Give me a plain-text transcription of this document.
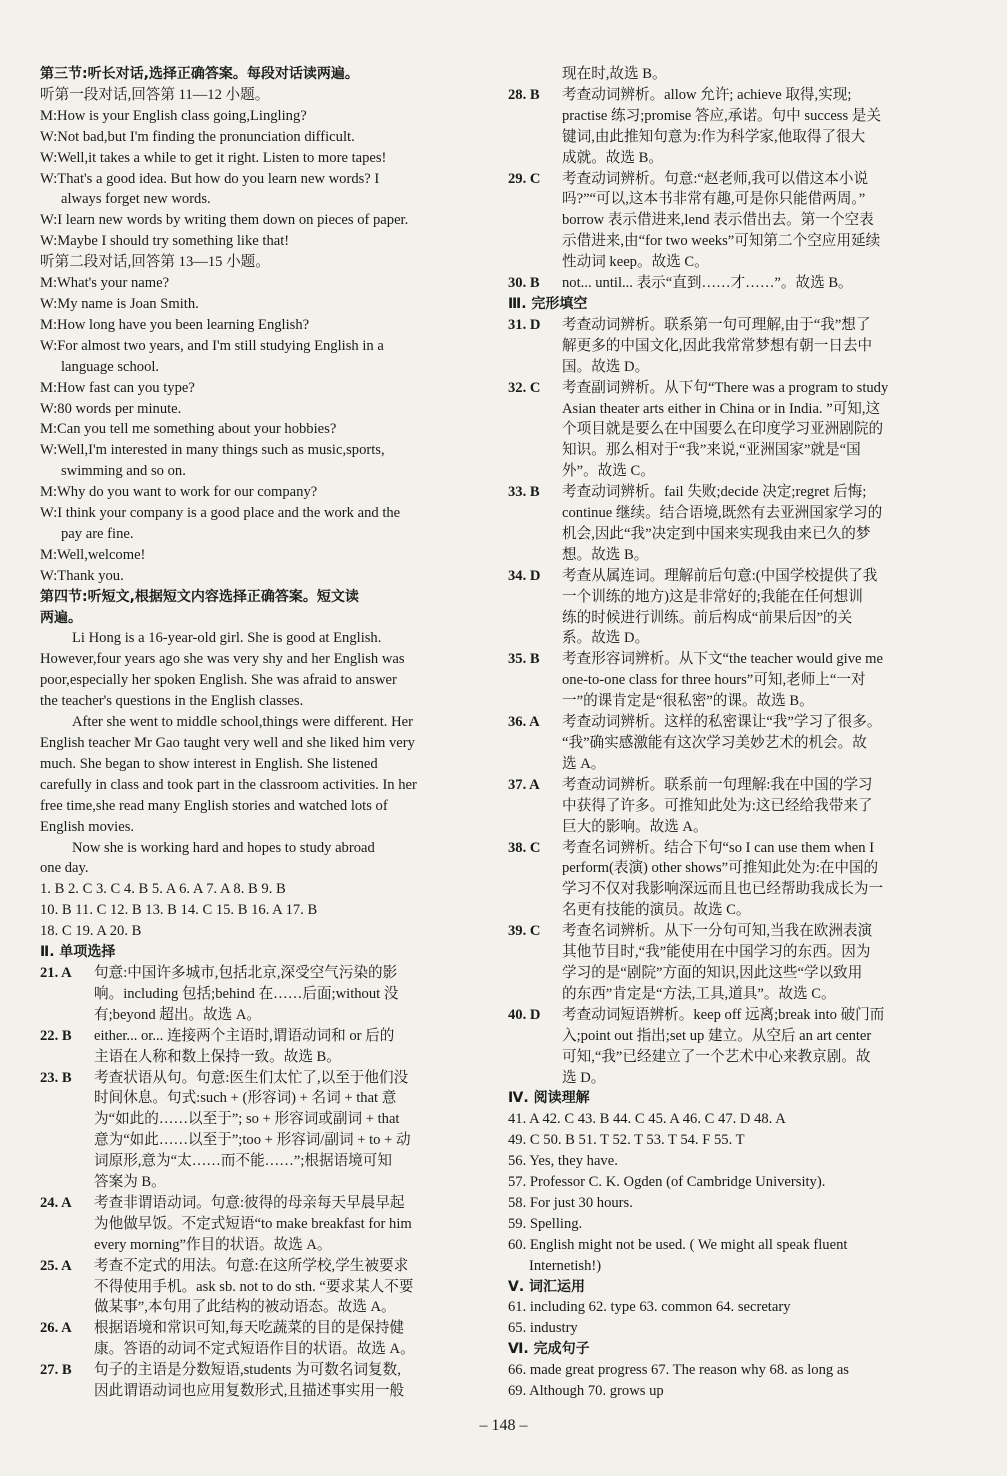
第三节:听长对话,选择正确答案。每段对话读两遍。
听第一段对话,回答第 11—12 小题。
M:How is your English class going,Lingling?
W:Not bad,but I'm finding the pronunciation difficult.
W:Well,it takes a while to get it right. Listen to more tapes!
W:That's a good idea. But how do you learn new words? I
always forget new words.
W:I learn new words by writing them down on pieces of paper.
W:Maybe I should try something like that!
听第二段对话,回答第 13—15 小题。
M:What's your name?
W:My name is Joan Smith.
M:How long have you been learning English?
W:For almost two years, and I'm still studying English in a
language school.
M:How fast can you type?
W:80 words per minute.
M:Can you tell me something about your hobbies?
W:Well,I'm interested in many things such as music,sports,
swimming and so on.
M:Why do you want to work for our company?
W:I think your company is a good place and the work and the
pay are fine.
M:Well,welcome!
W:Thank you.
第四节:听短文,根据短文内容选择正确答案。短文读
两遍。
Li Hong is a 16-year-old girl. She is good at English.
However,four years ago she was very shy and her English was
poor,especially her spoken English. She was afraid to answer
the teacher's questions in the English classes.
After she went to middle school,things were different. Her
English teacher Mr Gao taught very well and she liked him very
much. She began to show interest in English. She listened
carefully in class and took part in the classroom activities. In her
free time,she read many English stories and watched lots of
English movies.
Now she is working hard and hopes to study abroad
one day.
1. B 2. C 3. C 4. B 5. A 6. A 7. A 8. B 9. B
10. B 11. C 12. B 13. B 14. C 15. B 16. A 17. B
18. C 19. A 20. B
Ⅱ. 单项选择
21. A	句意:中国许多城市,包括北京,深受空气污染的影
响。including 包括;behind 在……后面;without 没
有;beyond 超出。故选 A。
22. B	either... or... 连接两个主语时,谓语动词和 or 后的
主语在人称和数上保持一致。故选 B。
23. B	考查状语从句。句意:医生们太忙了,以至于他们没
时间休息。句式:such + (形容词) + 名词 + that 意
为“如此的……以至于”; so + 形容词或副词 + that
意为“如此……以至于”;too + 形容词/副词 + to + 动
词原形,意为“太……而不能……”;根据语境可知
答案为 B。
24. A	考查非谓语动词。句意:彼得的母亲每天早晨早起
为他做早饭。不定式短语“to make breakfast for him
every morning”作目的状语。故选 A。
25. A	考查不定式的用法。句意:在这所学校,学生被要求
不得使用手机。ask sb. not to do sth. “要求某人不要
做某事”,本句用了此结构的被动语态。故选 A。
26. A	根据语境和常识可知,每天吃蔬菜的目的是保持健
康。答语的动词不定式短语作目的状语。故选 A。
27. B	句子的主语是分数短语,students 为可数名词复数,
因此谓语动词也应用复数形式,且描述事实用一般
现在时,故选 B。
28. B	考查动词辨析。allow 允许; achieve 取得,实现;
practise 练习;promise 答应,承诺。句中 success 是关
键词,由此推知句意为:作为科学家,他取得了很大
成就。故选 B。
29. C	考查动词辨析。句意:“赵老师,我可以借这本小说
吗?”“可以,这本书非常有趣,可是你只能借两周。”
borrow 表示借进来,lend 表示借出去。第一个空表
示借进来,由“for two weeks”可知第二个空应用延续
性动词 keep。故选 C。
30. B	not... until... 表示“直到……才……”。故选 B。
Ⅲ. 完形填空
31. D	考查动词辨析。联系第一句可理解,由于“我”想了
解更多的中国文化,因此我常常梦想有朝一日去中
国。故选 D。
32. C	考查副词辨析。从下句“There was a program to study
Asian theater arts either in China or in India. ”可知,这
个项目就是要么在中国要么在印度学习亚洲剧院的
知识。那么相对于“我”来说,“亚洲国家”就是“国
外”。故选 C。
33. B	考查动词辨析。fail 失败;decide 决定;regret 后悔;
continue 继续。结合语境,既然有去亚洲国家学习的
机会,因此“我”决定到中国来实现我由来已久的梦
想。故选 B。
34. D	考查从属连词。理解前后句意:(中国学校提供了我
一个训练的地方)这是非常好的;我能在任何想训
练的时候进行训练。前后构成“前果后因”的关
系。故选 D。
35. B	考查形容词辨析。从下文“the teacher would give me
one-to-one class for three hours”可知,老师上“一对
一”的课肯定是“很私密”的课。故选 B。
36. A	考查动词辨析。这样的私密课让“我”学习了很多。
“我”确实感激能有这次学习美妙艺术的机会。故
选 A。
37. A	考查动词辨析。联系前一句理解:我在中国的学习
中获得了许多。可推知此处为:这已经给我带来了
巨大的影响。故选 A。
38. C	考查名词辨析。结合下句“so I can use them when I
perform(表演) other shows”可推知此处为:在中国的
学习不仅对我影响深远而且也已经帮助我成长为一
名更有技能的演员。故选 C。
39. C	考查名词辨析。从下一分句可知,当我在欧洲表演
其他节目时,“我”能使用在中国学习的东西。因为
学习的是“剧院”方面的知识,因此这些“学以致用
的东西”肯定是“方法,工具,道具”。故选 C。
40. D	考查动词短语辨析。keep off 远离;break into 破门而
入;point out 指出;set up 建立。从空后 an art center
可知,“我”已经建立了一个艺术中心来教京剧。故
选 D。
Ⅳ. 阅读理解
41. A 42. C 43. B 44. C 45. A 46. C 47. D 48. A
49. C 50. B 51. T 52. T 53. T 54. F 55. T
56. Yes, they have.
57. Professor C. K. Ogden (of Cambridge University).
58. For just 30 hours.
59. Spelling.
60. English might not be used. ( We might all speak fluent
Internetish!)
Ⅴ. 词汇运用
61. including 62. type 63. common 64. secretary
65. industry
Ⅵ. 完成句子
66. made great progress 67. The reason why 68. as long as
69. Although 70. grows up
– 148 –
